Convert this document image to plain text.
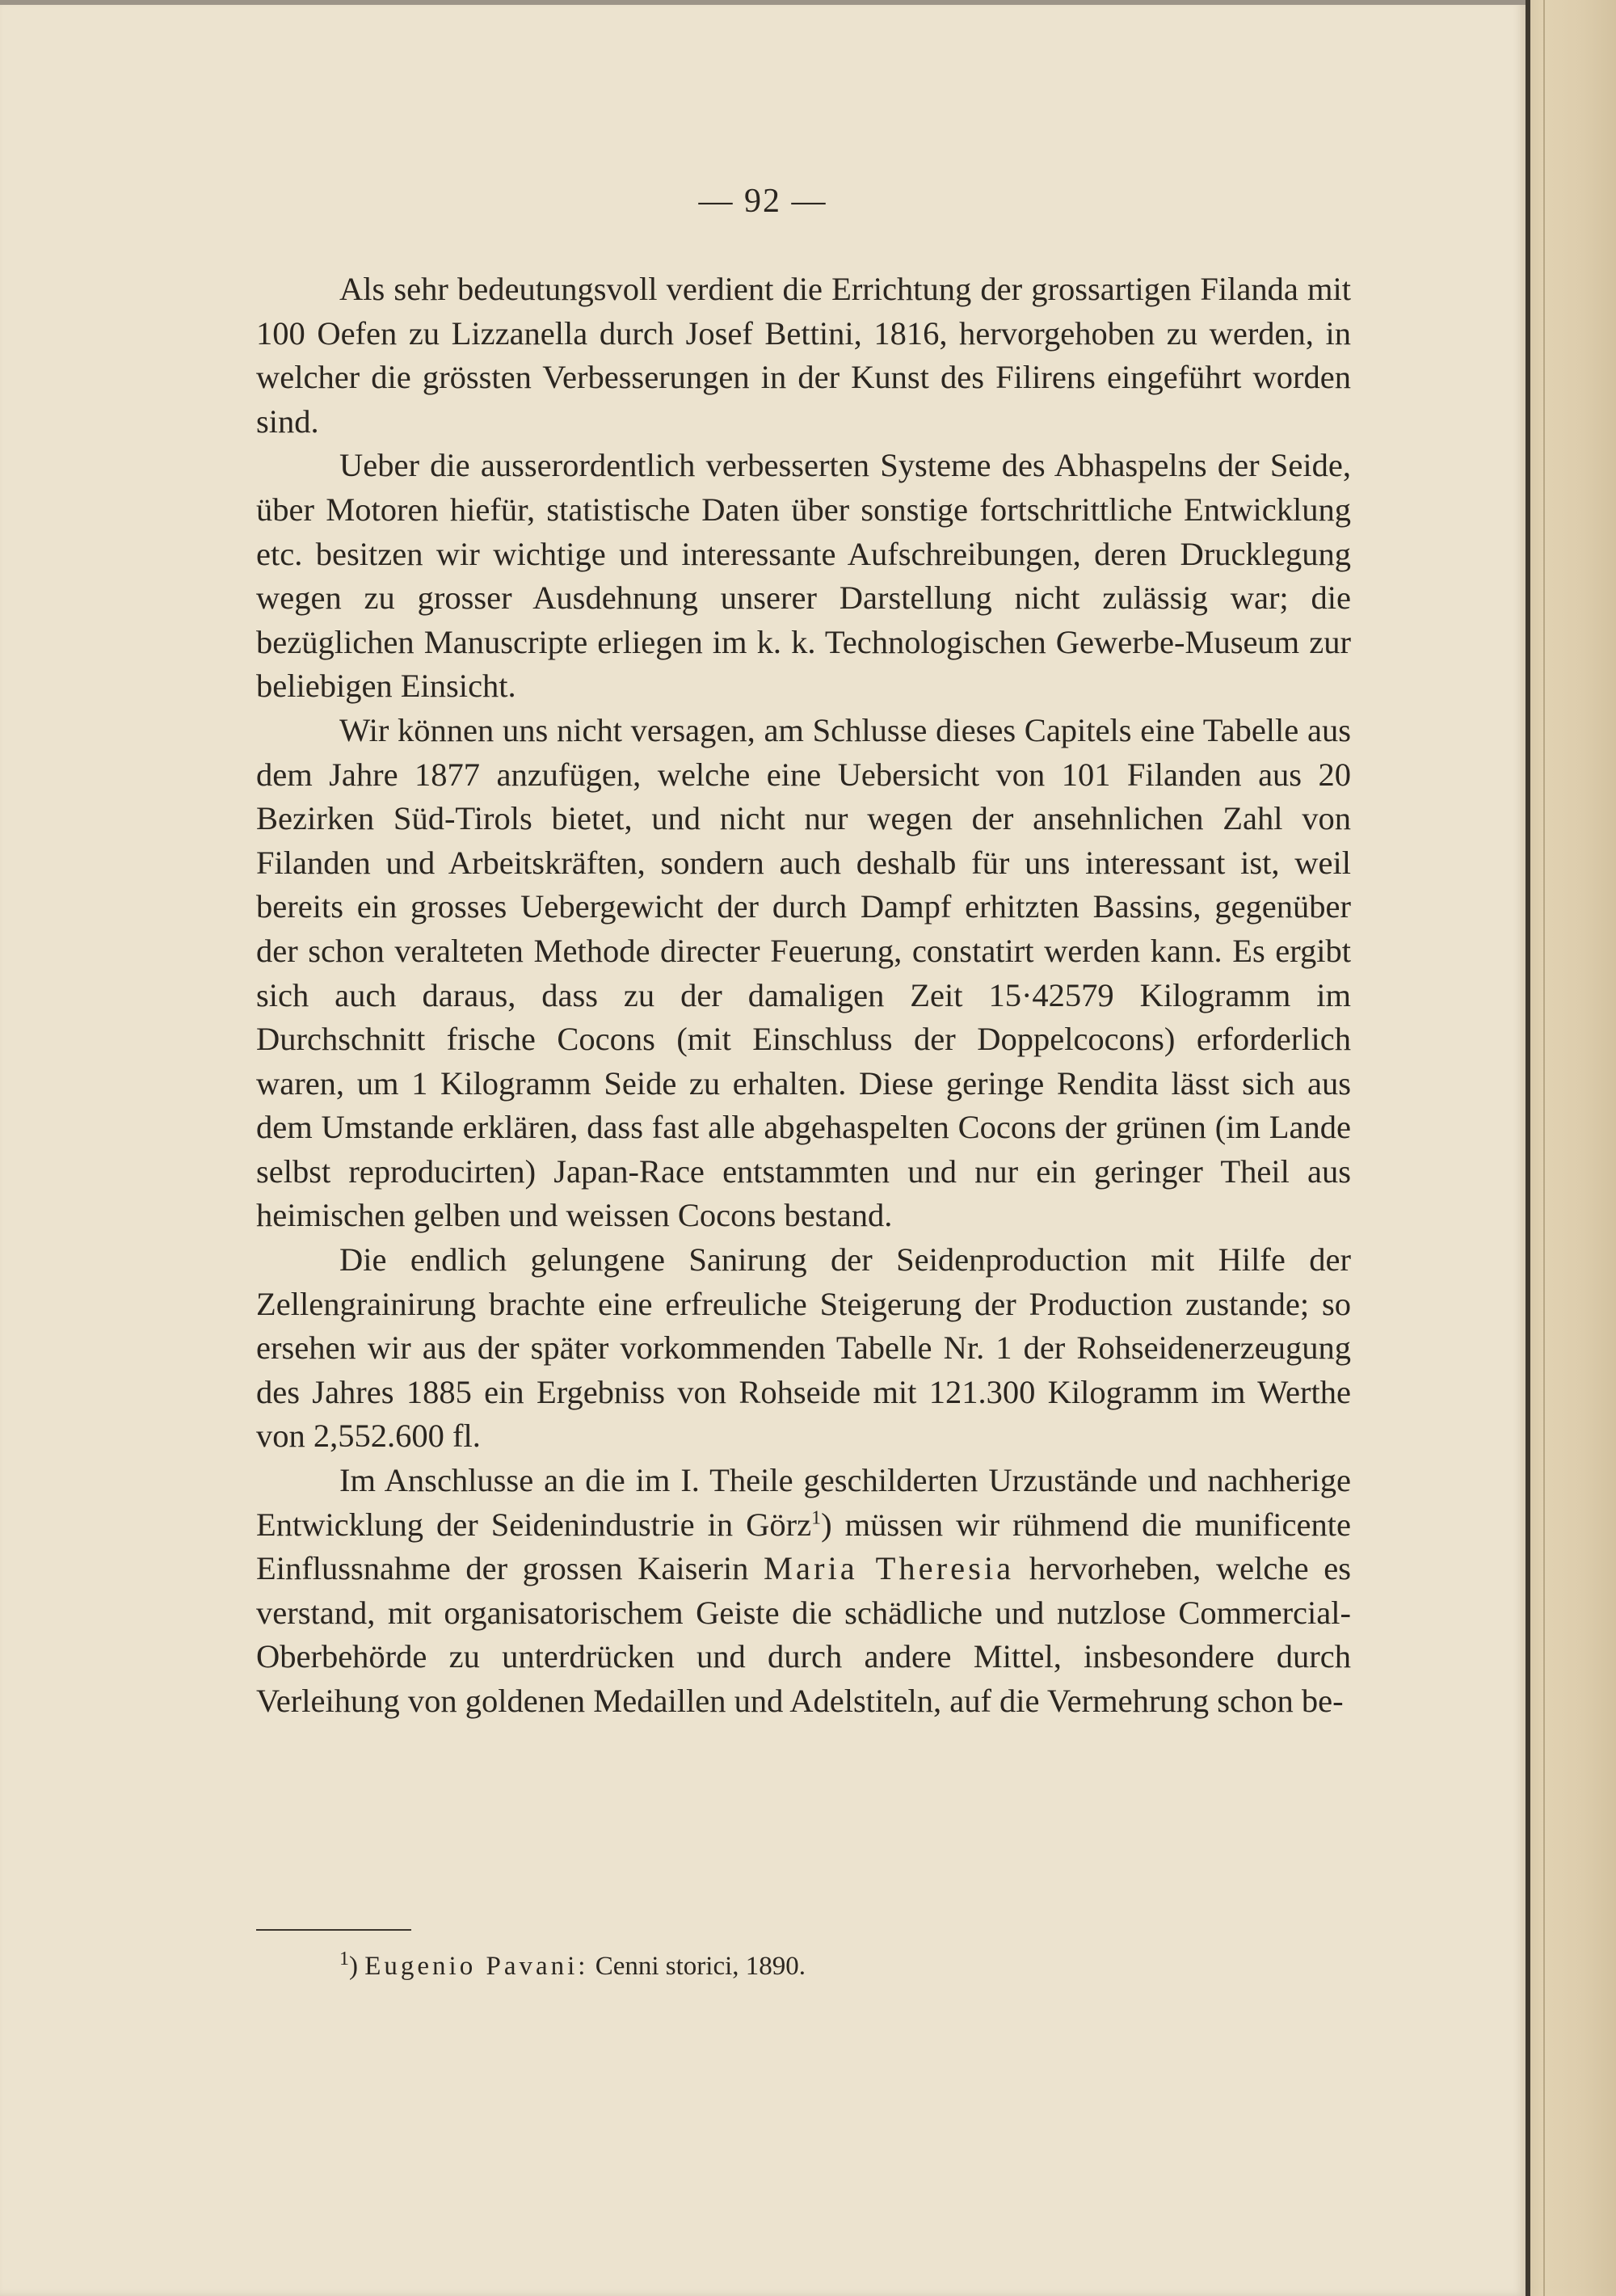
— 92 —

Als sehr bedeutungsvoll verdient die Errichtung der grossartigen Filanda mit 100 Oefen zu Lizzanella durch Josef Bettini, 1816, hervorgehoben zu werden, in welcher die grössten Verbesserungen in der Kunst des Filirens eingeführt worden sind.

Ueber die ausserordentlich verbesserten Systeme des Abhaspelns der Seide, über Motoren hiefür, statistische Daten über sonstige fortschrittliche Entwicklung etc. besitzen wir wichtige und interessante Aufschreibungen, deren Drucklegung wegen zu grosser Ausdehnung unserer Darstellung nicht zulässig war; die bezüglichen Manuscripte erliegen im k. k. Technologischen Gewerbe-Museum zur beliebigen Einsicht.

Wir können uns nicht versagen, am Schlusse dieses Capitels eine Tabelle aus dem Jahre 1877 anzufügen, welche eine Uebersicht von 101 Filanden aus 20 Bezirken Süd-Tirols bietet, und nicht nur wegen der ansehnlichen Zahl von Filanden und Arbeitskräften, sondern auch deshalb für uns interessant ist, weil bereits ein grosses Uebergewicht der durch Dampf erhitzten Bassins, gegenüber der schon veralteten Methode directer Feuerung, constatirt werden kann. Es ergibt sich auch daraus, dass zu der damaligen Zeit 15·42579 Kilogramm im Durchschnitt frische Cocons (mit Einschluss der Doppelcocons) erforderlich waren, um 1 Kilogramm Seide zu erhalten. Diese geringe Rendita lässt sich aus dem Umstande erklären, dass fast alle abgehaspelten Cocons der grünen (im Lande selbst reproducirten) Japan-Race entstammten und nur ein geringer Theil aus heimischen gelben und weissen Cocons bestand.

Die endlich gelungene Sanirung der Seidenproduction mit Hilfe der Zellengrainirung brachte eine erfreuliche Steigerung der Production zustande; so ersehen wir aus der später vorkommenden Tabelle Nr. 1 der Rohseidenerzeugung des Jahres 1885 ein Ergebniss von Rohseide mit 121.300 Kilogramm im Werthe von 2,552.600 fl.

Im Anschlusse an die im I. Theile geschilderten Urzustände und nachherige Entwicklung der Seidenindustrie in Görz$^1$) müssen wir rühmend die munificente Einflussnahme der grossen Kaiserin Maria Theresia hervorheben, welche es verstand, mit organisatorischem Geiste die schädliche und nutzlose Commercial-Oberbehörde zu unterdrücken und durch andere Mittel, insbesondere durch Verleihung von goldenen Medaillen und Adelstiteln, auf die Vermehrung schon be-

$^1$) Eugenio Pavani: Cenni storici, 1890.
